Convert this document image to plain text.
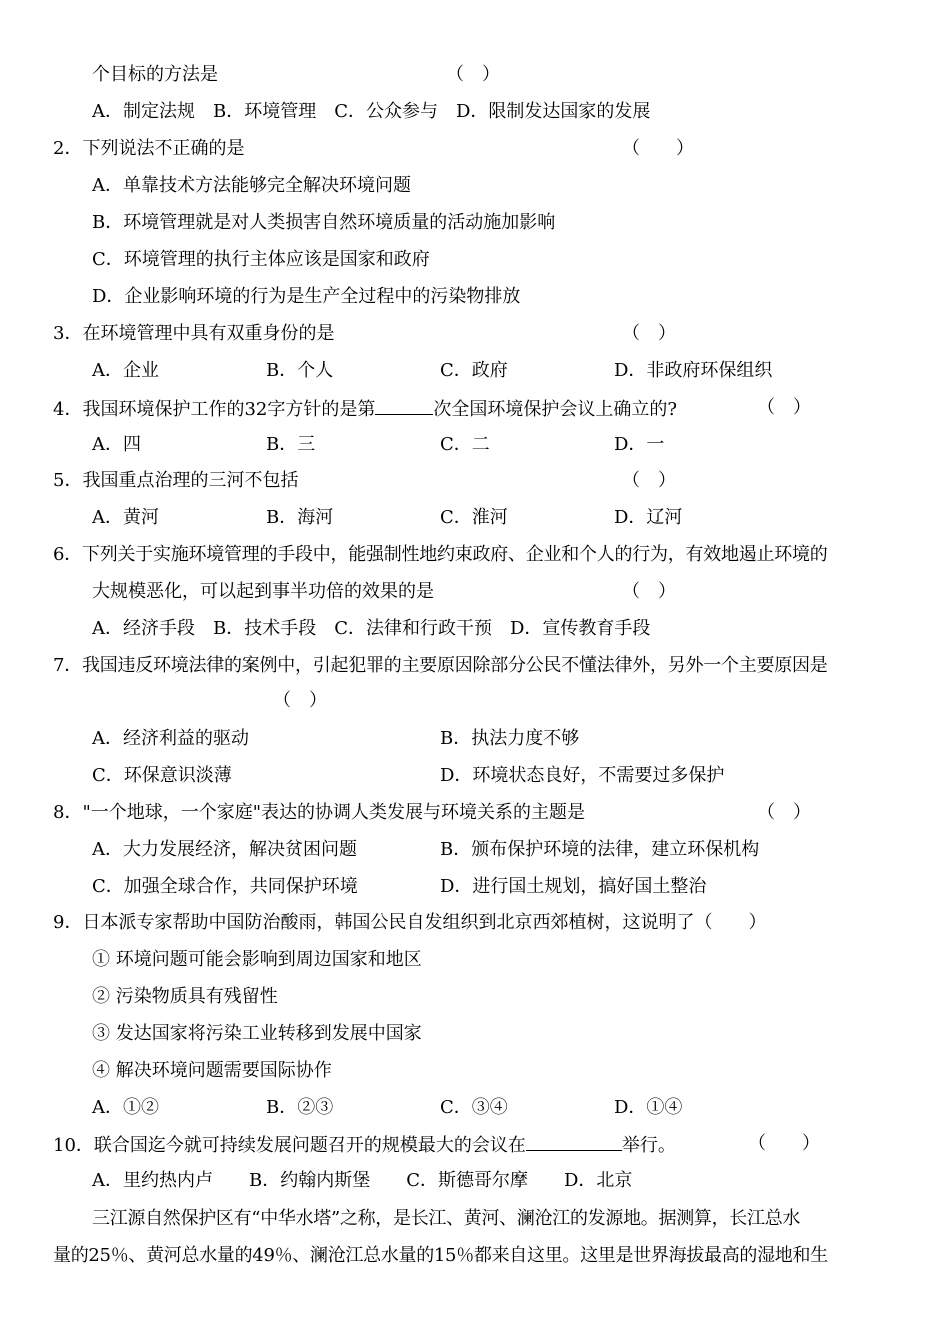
个目标的方法是	（　）
A．制定法规　B．环境管理　C．公众参与　D．限制发达国家的发展
2．下列说法不正确的是	（　　）
A．单靠技术方法能够完全解决环境问题
B．环境管理就是对人类损害自然环境质量的活动施加影响
C．环境管理的执行主体应该是国家和政府
D．企业影响环境的行为是生产全过程中的污染物排放
3．在环境管理中具有双重身份的是	（　）
A．企业	B．个人	C．政府	D．非政府环保组织
4．我国环境保护工作的32字方针的是第	次全国环境保护会议上确立的?	（　）
A．四	B．三	C．二	D．一
5．我国重点治理的三河不包括	（　）
A．黄河	B．海河	C．淮河	D．辽河
6．下列关于实施环境管理的手段中，能强制性地约束政府、企业和个人的行为，有效地遏止环境的
大规模恶化，可以起到事半功倍的效果的是	（　）
A．经济手段　B．技术手段　C．法律和行政干预　D．宣传教育手段
7．我国违反环境法律的案例中，引起犯罪的主要原因除部分公民不懂法律外，另外一个主要原因是
（　）
A．经济利益的驱动	B．执法力度不够
C．环保意识淡薄	D．环境状态良好，不需要过多保护
8．"一个地球，一个家庭"表达的协调人类发展与环境关系的主题是	（　）
A．大力发展经济，解决贫困问题	B．颁布保护环境的法律，建立环保机构
C．加强全球合作，共同保护环境	D．进行国土规划，搞好国土整治
9．日本派专家帮助中国防治酸雨，韩国公民自发组织到北京西郊植树，这说明了（　　）
① 环境问题可能会影响到周边国家和地区
② 污染物质具有残留性
③ 发达国家将污染工业转移到发展中国家
④ 解决环境问题需要国际协作
A．①②	B．②③	C．③④	D．①④
10．联合国迄今就可持续发展问题召开的规模最大的会议在	举行。	（　　）
A．里约热内卢　　B．约翰内斯堡　　C．斯德哥尔摩　　D．北京
三江源自然保护区有“中华水塔”之称，是长江、黄河、澜沧江的发源地。据测算，长江总水
量的25％、黄河总水量的49％、澜沧江总水量的15％都来自这里。这里是世界海拔最高的湿地和生
